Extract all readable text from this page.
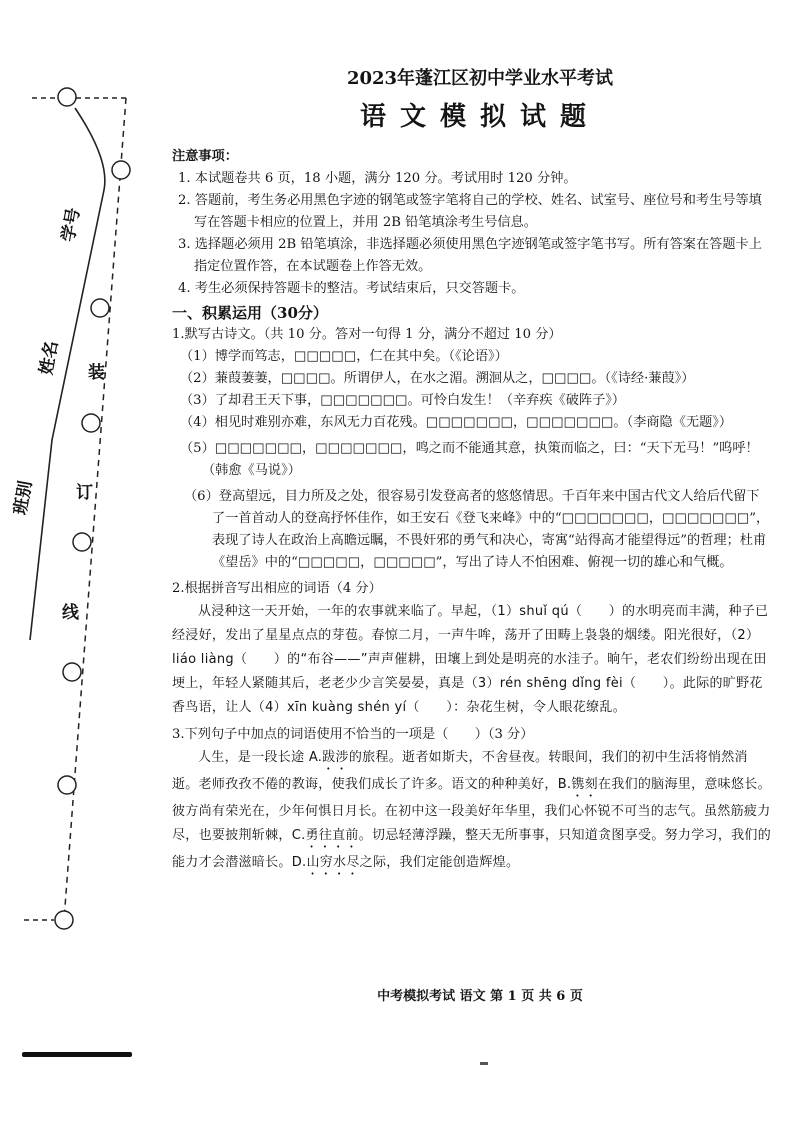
学号
姓名 装
班别 订
线
2023年蓬江区初中学业水平考试
语文模拟试题

注意事项：

1. 本试题卷共 6 页，18 小题，满分 120 分。考试用时 120 分钟。

2. 答题前，考生务必用黑色字迹的钢笔或签字笔将自己的学校、姓名、试室号、座位号和考生号等填写在答题卡相应的位置上，并用 2B 铅笔填涂考生号信息。

3. 选择题必须用 2B 铅笔填涂，非选择题必须使用黑色字迹钢笔或签字笔书写。所有答案在答题卡上指定位置作答，在本试题卷上作答无效。

4. 考生必须保持答题卡的整洁。考试结束后，只交答题卡。

一、积累运用（30分）

1.默写古诗文。（共 10 分。答对一句得 1 分，满分不超过 10 分）

（1）博学而笃志，□□□□□，仁在其中矣。（《论语》）

（2）蒹葭萋萋，□□□□。所谓伊人，在水之湄。溯洄从之，□□□□。（《诗经·蒹葭》）

（3）了却君王天下事，□□□□□□□。可怜白发生！（辛弃疾《破阵子》）

（4）相见时难别亦难，东风无力百花残。□□□□□□□，□□□□□□□。（李商隐《无题》）

（5）□□□□□□□，□□□□□□□，鸣之而不能通其意，执策而临之，曰：“天下无马！”呜呼！（韩愈《马说》）

（6）登高望远，目力所及之处，很容易引发登高者的悠悠情思。千百年来中国古代文人给后代留下了一首首动人的登高抒怀佳作，如王安石《登飞来峰》中的“□□□□□□□，□□□□□□□”，表现了诗人在政治上高瞻远瞩，不畏奸邪的勇气和决心，寄寓“站得高才能望得远”的哲理；杜甫《望岳》中的“□□□□□，□□□□□”，写出了诗人不怕困难、俯视一切的雄心和气概。

2.根据拼音写出相应的词语（4 分）

从浸种这一天开始，一年的农事就来临了。早起，（1）shuǐ qú（　　）的水明亮而丰满，种子已经浸好，发出了星星点点的芽苞。春惊二月，一声牛哞，荡开了田畴上袅袅的烟缕。阳光很好，（2）liáo liàng（　　）的“布谷——”声声催耕，田壤上到处是明亮的水洼子。晌午，老农们纷纷出现在田埂上，年轻人紧随其后，老老少少言笑晏晏，真是（3）rén shēng dǐng fèi（　　）。此际的旷野花香鸟语，让人（4）xīn kuàng shén yí（　　）：杂花生树，令人眼花缭乱。

3.下列句子中加点的词语使用不恰当的一项是（　　）（3 分）

人生，是一段长途 A.跋涉的旅程。逝者如斯夫，不舍昼夜。转眼间，我们的初中生活将悄然消逝。老师孜孜不倦的教诲，使我们成长了许多。语文的种种美好，B.镌刻在我们的脑海里，意味悠长。彼方尚有荣光在，少年何惧日月长。在初中这一段美好年华里，我们心怀锐不可当的志气。虽然筋疲力尽，也要披荆斩棘，C.勇往直前。切忌轻薄浮躁，整天无所事事，只知道贪图享受。努力学习，我们的能力才会潜滋暗长。D.山穷水尽之际，我们定能创造辉煌。

中考模拟考试 语文 第 1 页 共 6 页
